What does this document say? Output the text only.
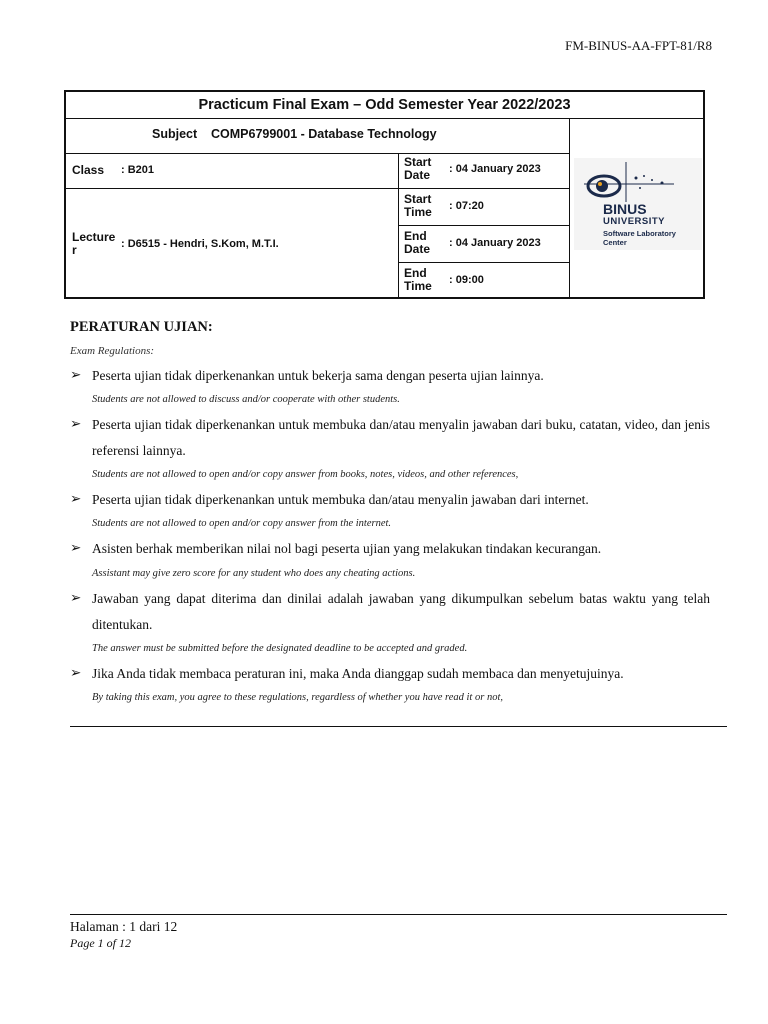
FM-BINUS-AA-FPT-81/R8
Practicum Final Exam – Odd Semester Year 2022/2023
Subject COMP6799001 - Database Technology
Class : B201
Lecture
r	: D6515 - Hendri, S.Kom, M.T.I.
Start
Date : 04 January 2023
Start
Time : 07:20
End
Date : 04 January 2023
End
Time : 09:00
BINUS
UNIVERSITY
Software Laboratory
Center
PERATURAN UJIAN:
Exam Regulations:
➢ Peserta ujian tidak diperkenankan untuk bekerja sama dengan peserta ujian lainnya.
Students are not allowed to discuss and/or cooperate with other students.
➢ Peserta ujian tidak diperkenankan untuk membuka dan/atau menyalin jawaban dari buku, catatan, video, dan jenis referensi lainnya.
Students are not allowed to open and/or copy answer from books, notes, videos, and other references,
➢ Peserta ujian tidak diperkenankan untuk membuka dan/atau menyalin jawaban dari internet.
Students are not allowed to open and/or copy answer from the internet.
➢ Asisten berhak memberikan nilai nol bagi peserta ujian yang melakukan tindakan kecurangan.
Assistant may give zero score for any student who does any cheating actions.
➢ Jawaban yang dapat diterima dan dinilai adalah jawaban yang dikumpulkan sebelum batas waktu yang telah ditentukan.
The answer must be submitted before the designated deadline to be accepted and graded.
➢ Jika Anda tidak membaca peraturan ini, maka Anda dianggap sudah membaca dan menyetujuinya.
By taking this exam, you agree to these regulations, regardless of whether you have read it or not,
Halaman : 1 dari 12
Page 1 of 12
